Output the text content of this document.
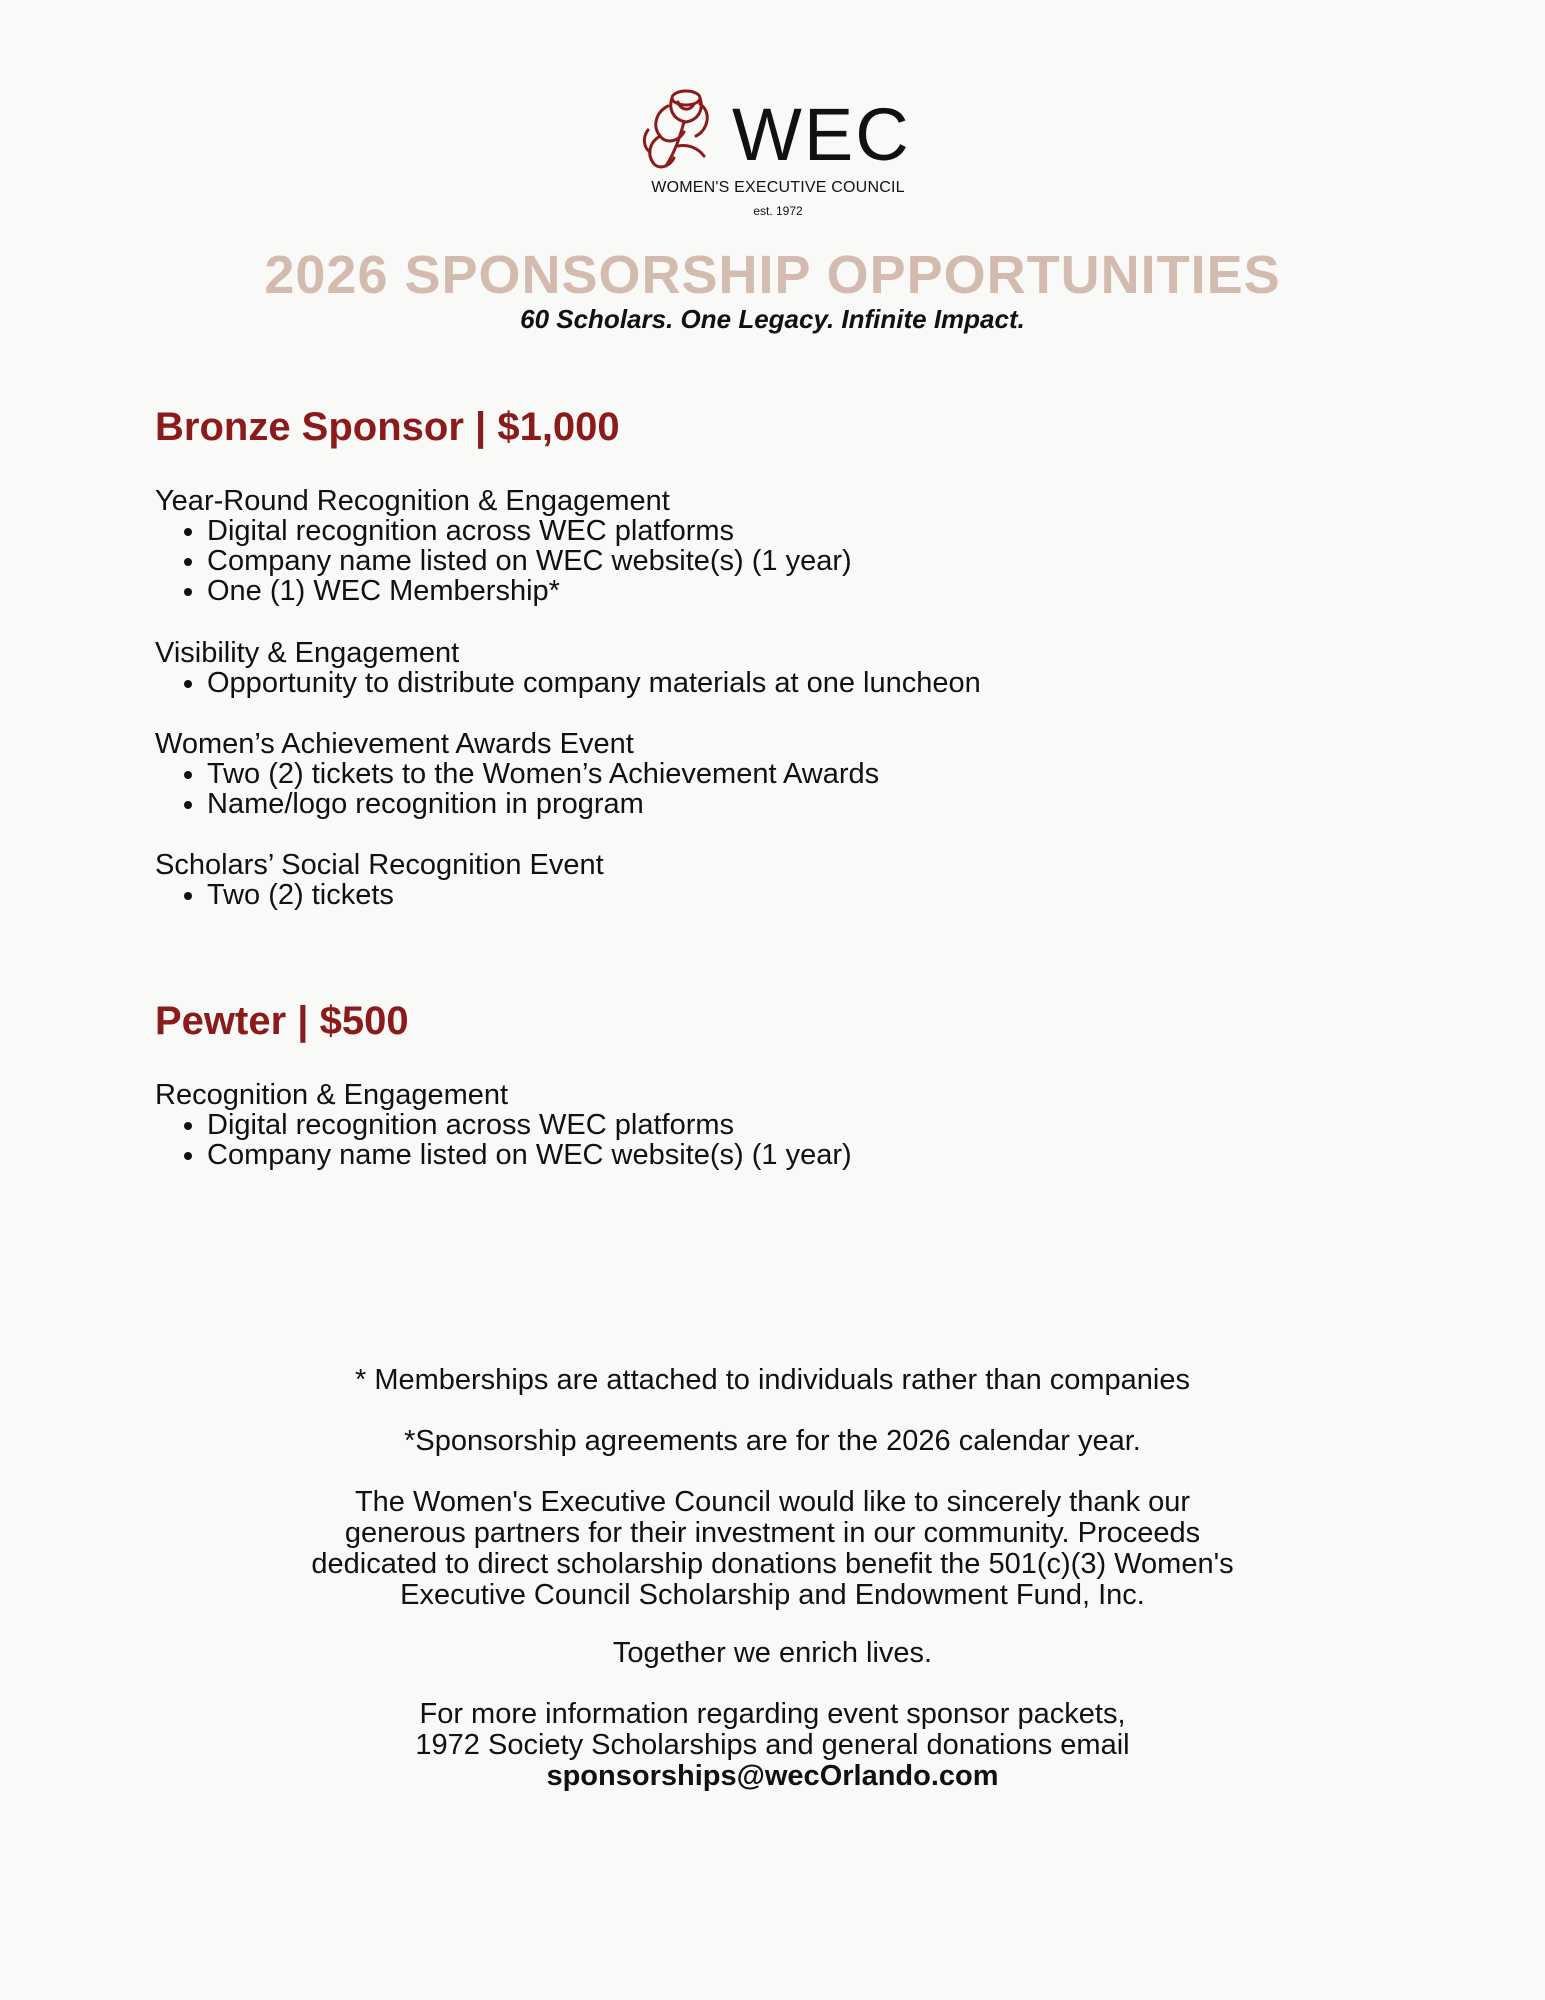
WEC
WOMEN'S EXECUTIVE COUNCIL
est. 1972
2026 SPONSORSHIP OPPORTUNITIES
60 Scholars. One Legacy. Infinite Impact.
Bronze Sponsor | $1,000

Year-Round Recognition & Engagement

• Digital recognition across WEC platforms
• Company name listed on WEC website(s) (1 year)
• One (1) WEC Membership*

Visibility & Engagement

• Opportunity to distribute company materials at one luncheon

Women’s Achievement Awards Event

• Two (2) tickets to the Women’s Achievement Awards
• Name/logo recognition in program

Scholars’ Social Recognition Event

• Two (2) tickets
Pewter | $500

Recognition & Engagement

• Digital recognition across WEC platforms
• Company name listed on WEC website(s) (1 year)
* Memberships are attached to individuals rather than companies
*Sponsorship agreements are for the 2026 calendar year.

The Women's Executive Council would like to sincerely thank our

generous partners for their investment in our community. Proceeds

dedicated to direct scholarship donations benefit the 501(c)(3) Women's

Executive Council Scholarship and Endowment Fund, Inc.

Together we enrich lives.

For more information regarding event sponsor packets,

1972 Society Scholarships and general donations email

sponsorships@wecOrlando.com
